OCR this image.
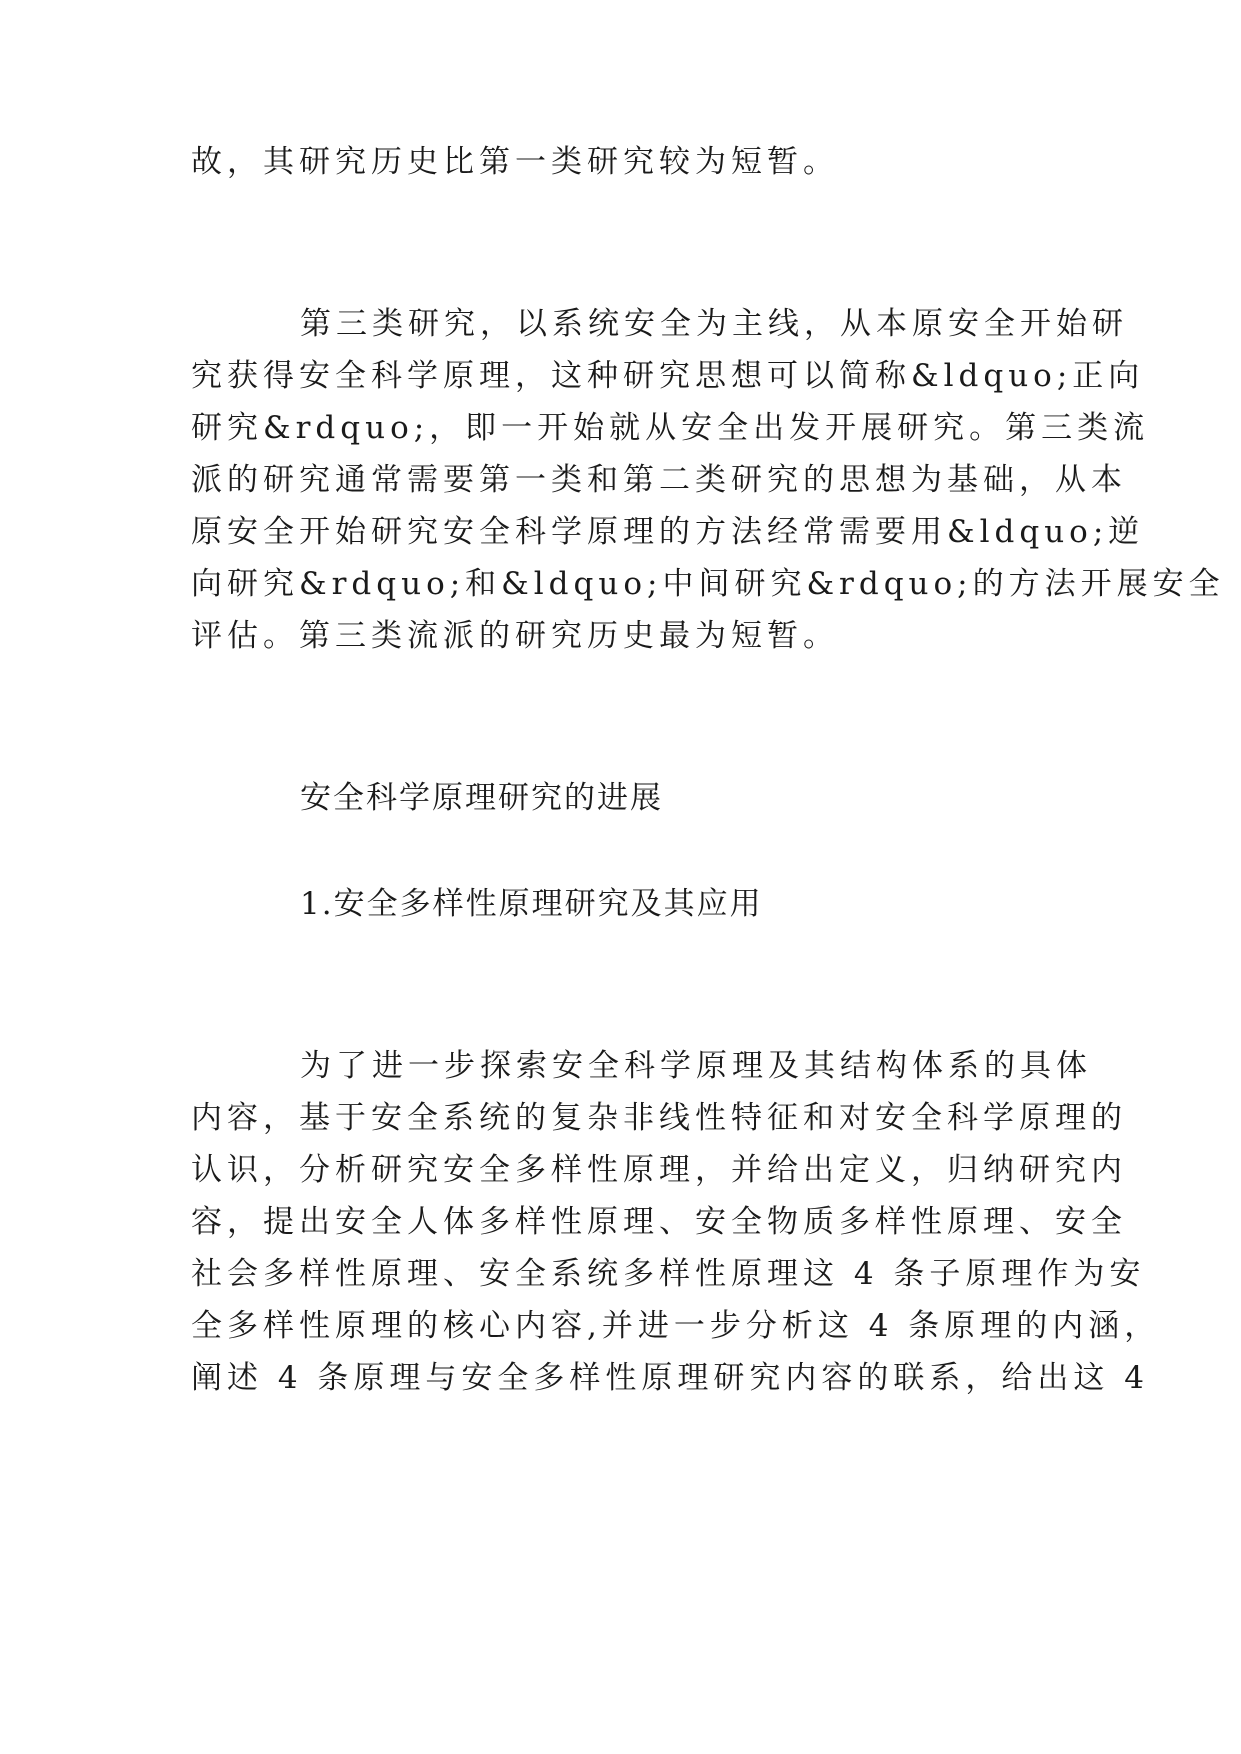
故，其研究历史比第一类研究较为短暂。
第三类研究，以系统安全为主线，从本原安全开始研
究获得安全科学原理，这种研究思想可以简称&ldquo;正向
研究&rdquo;，即一开始就从安全出发开展研究。第三类流
派的研究通常需要第一类和第二类研究的思想为基础，从本
原安全开始研究安全科学原理的方法经常需要用&ldquo;逆
向研究&rdquo;和&ldquo;中间研究&rdquo;的方法开展安全
评估。第三类流派的研究历史最为短暂。
安全科学原理研究的进展
1.安全多样性原理研究及其应用
为了进一步探索安全科学原理及其结构体系的具体
内容，基于安全系统的复杂非线性特征和对安全科学原理的
认识，分析研究安全多样性原理，并给出定义，归纳研究内
容，提出安全人体多样性原理、安全物质多样性原理、安全
社会多样性原理、安全系统多样性原理这 4 条子原理作为安
全多样性原理的核心内容,并进一步分析这 4 条原理的内涵，
阐述 4 条原理与安全多样性原理研究内容的联系，给出这 4
